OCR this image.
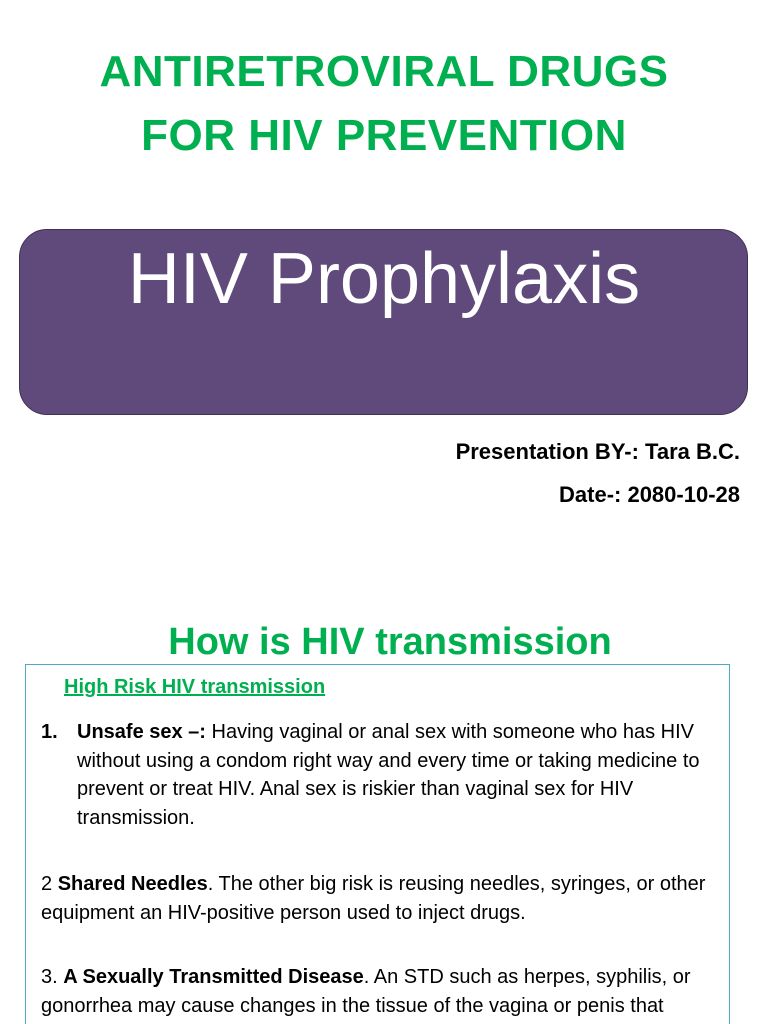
ANTIRETROVIRAL DRUGS
FOR HIV PREVENTION
HIV Prophylaxis
Presentation BY-: Tara B.C.
Date-: 2080-10-28
How is HIV transmission
High Risk HIV transmission
1. Unsafe sex –: Having vaginal or anal sex with someone who has HIV without using a condom right way and every time or taking medicine to prevent or treat HIV. Anal sex is riskier than vaginal sex for HIV transmission.
2 Shared Needles. The other big risk is reusing needles, syringes, or other equipment an HIV-positive person used to inject drugs.
3. A Sexually Transmitted Disease. An STD such as herpes, syphilis, or gonorrhea may cause changes in the tissue of the vagina or penis that
